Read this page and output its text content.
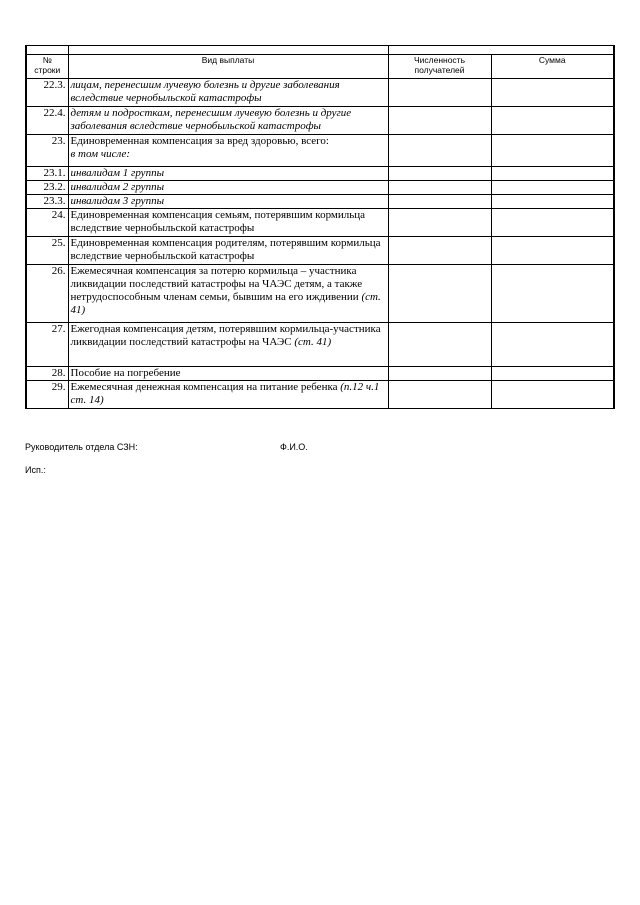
№ строки	Вид выплаты	Численность получателей	Сумма
22.3.	лицам, перенесшим лучевую болезнь и другие заболевания вследствие чернобыльской катастрофы		
22.4.	детям и подросткам, перенесшим лучевую болезнь и другие заболевания вследствие чернобыльской катастрофы		
23.	Единовременная компенсация за вред здоровью, всего:
в том числе:		
23.1.	инвалидам 1 группы		
23.2.	инвалидам 2 группы		
23.3.	инвалидам 3 группы		
24.	Единовременная компенсация семьям, потерявшим кормильца вследствие чернобыльской катастрофы		
25.	Единовременная компенсация родителям, потерявшим кормильца вследствие чернобыльской катастрофы		
26.	Ежемесячная компенсация за потерю кормильца – участника ликвидации последствий катастрофы на ЧАЭС детям, а также нетрудоспособным членам семьи, бывшим на его иждивении (ст. 41)		
27.	Ежегодная компенсация детям, потерявшим кормильца-участника ликвидации последствий катастрофы на ЧАЭС (ст. 41)		
28.	Пособие на погребение		
29.	Ежемесячная денежная компенсация на питание ребенка (п.12 ч.1 ст. 14)		
Руководитель отдела СЗН:	Ф.И.О.
Исп.:
